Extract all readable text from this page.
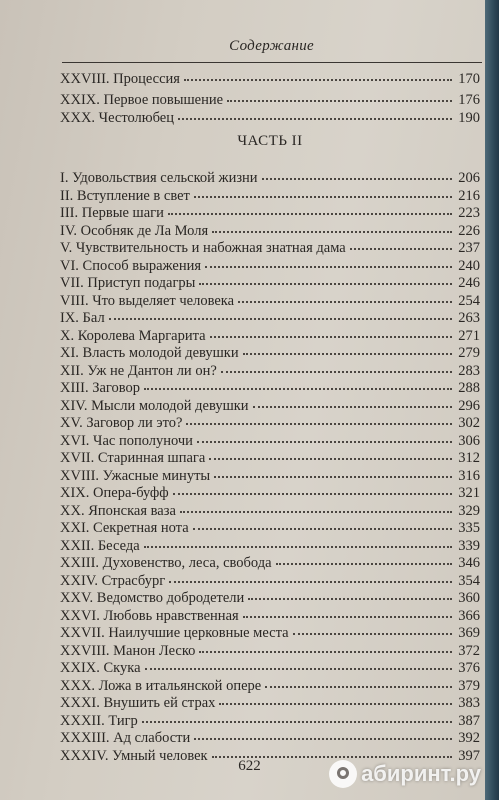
Содержание
XXVIII. Процессия	170
XXIX. Первое повышение	176
XXX. Честолюбец	190
ЧАСТЬ II
I. Удовольствия сельской жизни	206
II. Вступление в свет	216
III. Первые шаги	223
IV. Особняк де Ла Моля	226
V. Чувствительность и набожная знатная дама	237
VI. Способ выражения	240
VII. Приступ подагры	246
VIII. Что выделяет человека	254
IX. Бал	263
X. Королева Маргарита	271
XI. Власть молодой девушки	279
XII. Уж не Дантон ли он?	283
XIII. Заговор	288
XIV. Мысли молодой девушки	296
XV. Заговор ли это?	302
XVI. Час пополуночи	306
XVII. Старинная шпага	312
XVIII. Ужасные минуты	316
XIX. Опера-буфф	321
XX. Японская ваза	329
XXI. Секретная нота	335
XXII. Беседа	339
XXIII. Духовенство, леса, свобода	346
XXIV. Страсбург	354
XXV. Ведомство добродетели	360
XXVI. Любовь нравственная	366
XXVII. Наилучшие церковные места	369
XXVIII. Манон Леско	372
XXIX. Скука	376
XXX. Ложа в итальянской опере	379
XXXI. Внушить ей страх	383
XXXII. Тигр	387
XXXIII. Ад слабости	392
XXXIV. Умный человек	397
622	абиринт.ру
